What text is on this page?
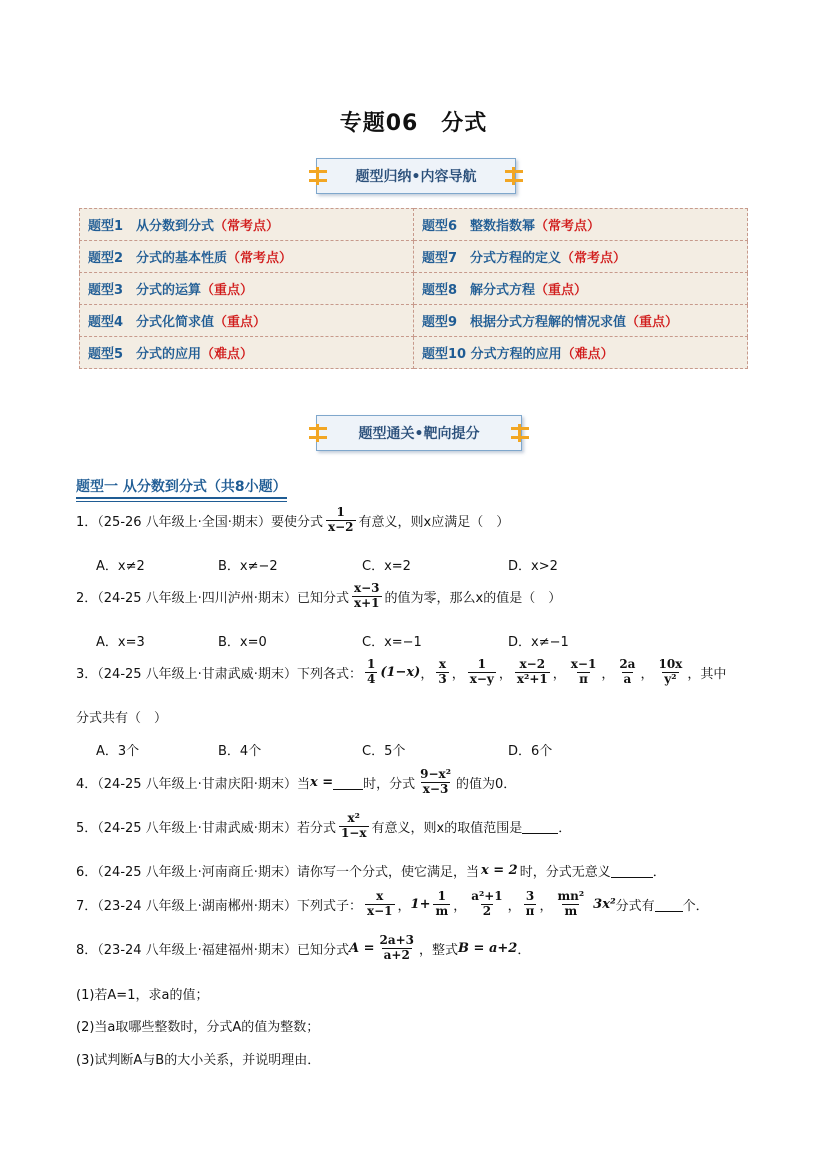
专题06　分式
题型归纳•内容导航
题型1　从分数到分式（常考点）	题型6　整数指数幂（常考点）
题型2　分式的基本性质（常考点）	题型7　分式方程的定义（常考点）
题型3　分式的运算（重点）	题型8　解分式方程（重点）
题型4　分式化简求值（重点）	题型9　根据分式方程解的情况求值（重点）
题型5　分式的应用（难点）	题型10 分式方程的应用（难点）
题型通关•靶向提分
题型一 从分数到分式（共8小题）
1．（25-26 八年级上·全国·期末）要使分式 $\frac{1}{x-2}$ 有意义，则x应满足（　）
A．x≠2	B．x≠−2	C．x=2	D．x>2
2．（24-25 八年级上·四川泸州·期末）已知分式 $\frac{x-3}{x+1}$ 的值为零，那么x的值是（　）
A．x=3	B．x=0	C．x=−1	D．x≠−1
3．（24-25 八年级上·甘肃武威·期末）下列各式： $\frac{1}{4} (1-x)$ ， $\frac{x}{3}$ ， $\frac{1}{x-y}$ ， $\frac{x-2}{\text{x²+1}}$ ， $\frac{x-1}{\pi}$ ， $\frac{2a}{a}$ ， $\frac{10x}{\text{y²}}$ ，其中
分式共有（　）
A．3个	B．4个	C．5个	D．6个
4．（24-25 八年级上·甘肃庆阳·期末）当 x = 时，分式 $\frac{\text{9−x²}}{x-3}$ 的值为0．
5．（24-25 八年级上·甘肃武威·期末）若分式 $\frac{\text{x²}}{1-x}$ 有意义，则x的取值范围是	．
6．（24-25 八年级上·河南商丘·期末）请你写一个分式，使它满足，当 x = 2 时，分式无意义	．
7．（23-24 八年级上·湖南郴州·期末）下列式子： $\frac{x}{x-1}$ ， $1+ \frac{1}{m}$ ， $\frac{\text{a²+1}}{2}$ ， $\frac{3}{\pi}$ ， $\frac{\text{mn²}}{m} 3x^2$ 分式有 个．
8．（23-24 八年级上·福建福州·期末）已知分式 $A = \frac{2a+3}{a+2}$ ，整式 B = a+2 ．
(1)若A=1，求a的值；
(2)当a取哪些整数时，分式A的值为整数；
(3)试判断A与B的大小关系，并说明理由．
